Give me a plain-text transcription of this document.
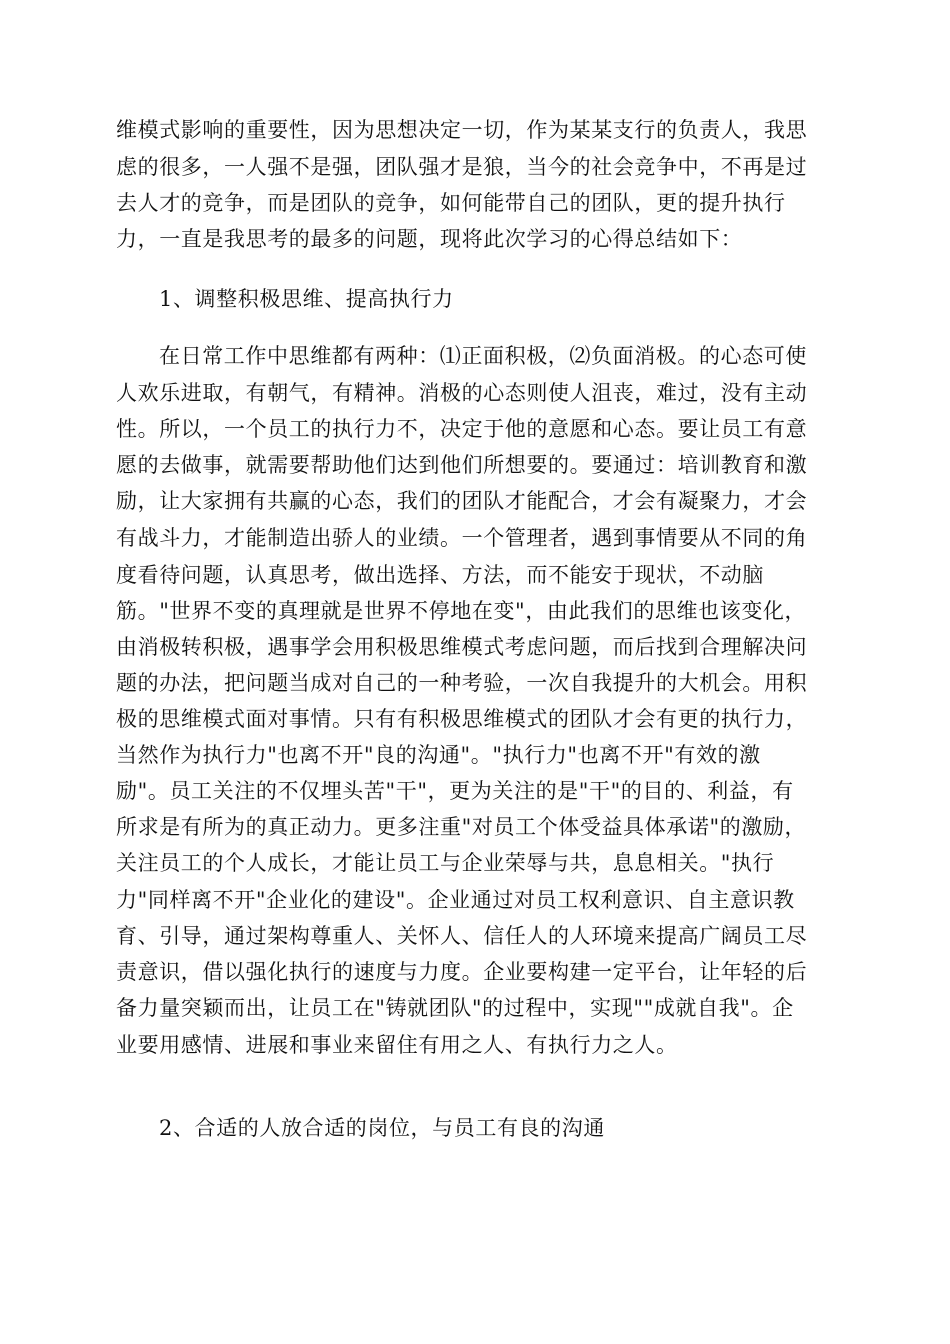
维模式影响的重要性，因为思想决定一切，作为某某支行的负责人，我思
虑的很多，一人强不是强，团队强才是狼，当今的社会竞争中，不再是过
去人才的竞争，而是团队的竞争，如何能带自己的团队，更的提升执行
力，一直是我思考的最多的问题，现将此次学习的心得总结如下：
1、调整积极思维、提高执行力
在日常工作中思维都有两种：⑴正面积极，⑵负面消极。的心态可使
人欢乐进取，有朝气，有精神。消极的心态则使人沮丧，难过，没有主动
性。所以，一个员工的执行力不，决定于他的意愿和心态。要让员工有意
愿的去做事，就需要帮助他们达到他们所想要的。要通过：培训教育和激
励，让大家拥有共赢的心态，我们的团队才能配合，才会有凝聚力，才会
有战斗力，才能制造出骄人的业绩。一个管理者，遇到事情要从不同的角
度看待问题，认真思考，做出选择、方法，而不能安于现状，不动脑
筋。"世界不变的真理就是世界不停地在变"，由此我们的思维也该变化，
由消极转积极，遇事学会用积极思维模式考虑问题，而后找到合理解决问
题的办法，把问题当成对自己的一种考验，一次自我提升的大机会。用积
极的思维模式面对事情。只有有积极思维模式的团队才会有更的执行力，
当然作为执行力"也离不开"良的沟通"。"执行力"也离不开"有效的激
励"。员工关注的不仅埋头苦"干"，更为关注的是"干"的目的、利益，有
所求是有所为的真正动力。更多注重"对员工个体受益具体承诺"的激励，
关注员工的个人成长，才能让员工与企业荣辱与共，息息相关。"执行
力"同样离不开"企业化的建设"。企业通过对员工权利意识、自主意识教
育、引导，通过架构尊重人、关怀人、信任人的人环境来提高广阔员工尽
责意识，借以强化执行的速度与力度。企业要构建一定平台，让年轻的后
备力量突颖而出，让员工在"铸就团队"的过程中，实现""成就自我"。企
业要用感情、进展和事业来留住有用之人、有执行力之人。
2、合适的人放合适的岗位，与员工有良的沟通
